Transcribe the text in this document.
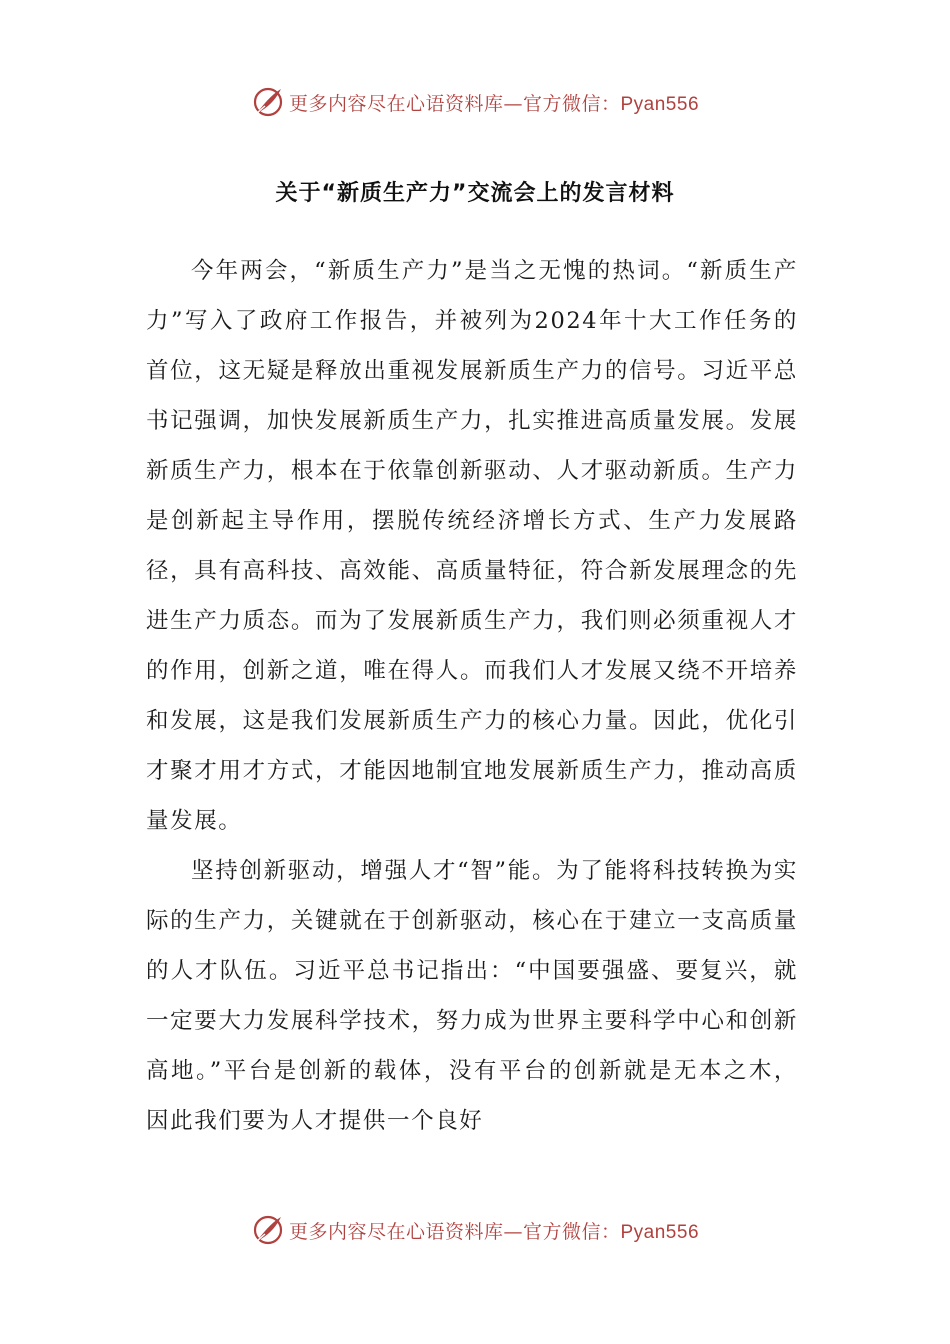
更多内容尽在心语资料库—官方微信：Pyan556
关于“新质生产力”交流会上的发言材料

今年两会，“新质生产力”是当之无愧的热词。“新质生产力”写入了政府工作报告，并被列为2024年十大工作任务的首位，这无疑是释放出重视发展新质生产力的信号。习近平总书记强调，加快发展新质生产力，扎实推进高质量发展。发展新质生产力，根本在于依靠创新驱动、人才驱动新质。生产力是创新起主导作用，摆脱传统经济增长方式、生产力发展路径，具有高科技、高效能、高质量特征，符合新发展理念的先进生产力质态。而为了发展新质生产力，我们则必须重视人才的作用，创新之道，唯在得人。而我们人才发展又绕不开培养和发展，这是我们发展新质生产力的核心力量。因此，优化引才聚才用才方式，才能因地制宜地发展新质生产力，推动高质量发展。

坚持创新驱动，增强人才“智”能。为了能将科技转换为实际的生产力，关键就在于创新驱动，核心在于建立一支高质量的人才队伍。习近平总书记指出：“中国要强盛、要复兴，就一定要大力发展科学技术，努力成为世界主要科学中心和创新高地。”平台是创新的载体，没有平台的创新就是无本之木，因此我们要为人才提供一个良好

更多内容尽在心语资料库—官方微信：Pyan556
